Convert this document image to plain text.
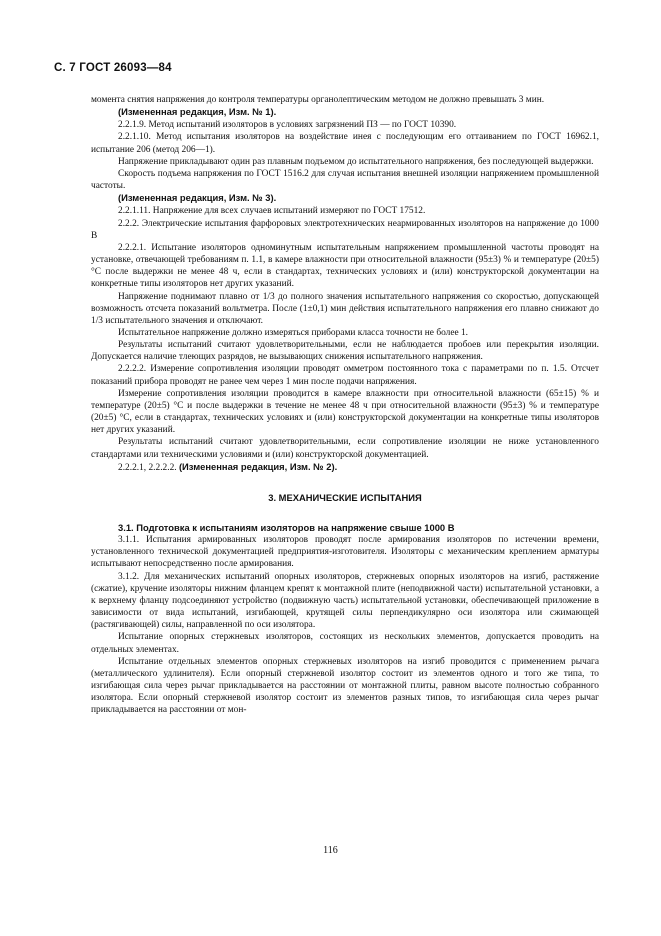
С. 7 ГОСТ 26093—84

момента снятия напряжения до контроля температуры органолептическим методом не должно превышать 3 мин.

(Измененная редакция, Изм. № 1).

2.2.1.9. Метод испытаний изоляторов в условиях загрязнений ПЗ — по ГОСТ 10390.

2.2.1.10. Метод испытания изоляторов на воздействие инея с последующим его оттаиванием по ГОСТ 16962.1, испытание 206 (метод 206—1).

Напряжение прикладывают один раз плавным подъемом до испытательного напряжения, без последующей выдержки.

Скорость подъема напряжения по ГОСТ 1516.2 для случая испытания внешней изоляции напряжением промышленной частоты.

(Измененная редакция, Изм. № 3).

2.2.1.11. Напряжение для всех случаев испытаний измеряют по ГОСТ 17512.

2.2.2. Электрические испытания фарфоровых электротехнических неармированных изоляторов на напряжение до 1000 В

2.2.2.1. Испытание изоляторов одноминутным испытательным напряжением промышленной частоты проводят на установке, отвечающей требованиям п. 1.1, в камере влажности при относительной влажности (95±3) % и температуре (20±5) °С после выдержки не менее 48 ч, если в стандартах, технических условиях и (или) конструкторской документации на конкретные типы изоляторов нет других указаний.

Напряжение поднимают плавно от 1/3 до полного значения испытательного напряжения со скоростью, допускающей возможность отсчета показаний вольтметра. После (1±0,1) мин действия испытательного напряжения его плавно снижают до 1/3 испытательного значения и отключают.

Испытательное напряжение должно измеряться приборами класса точности не более 1.

Результаты испытаний считают удовлетворительными, если не наблюдается пробоев или перекрытия изоляции. Допускается наличие тлеющих разрядов, не вызывающих снижения испытательного напряжения.

2.2.2.2. Измерение сопротивления изоляции проводят омметром постоянного тока с параметрами по п. 1.5. Отсчет показаний прибора проводят не ранее чем через 1 мин после подачи напряжения.

Измерение сопротивления изоляции проводится в камере влажности при относительной влажности (65±15) % и температуре (20±5) °С и после выдержки в течение не менее 48 ч при относительной влажности (95±3) % и температуре (20±5) °С, если в стандартах, технических условиях и (или) конструкторской документации на конкретные типы изоляторов нет других указаний.

Результаты испытаний считают удовлетворительными, если сопротивление изоляции не ниже установленного стандартами или техническими условиями и (или) конструкторской документацией.

2.2.2.1, 2.2.2.2. (Измененная редакция, Изм. № 2).

3. МЕХАНИЧЕСКИЕ ИСПЫТАНИЯ

3.1. Подготовка к испытаниям изоляторов на напряжение свыше 1000 В

3.1.1. Испытания армированных изоляторов проводят после армирования изоляторов по истечении времени, установленного технической документацией предприятия-изготовителя. Изоляторы с механическим креплением арматуры испытывают непосредственно после армирования.

3.1.2. Для механических испытаний опорных изоляторов, стержневых опорных изоляторов на изгиб, растяжение (сжатие), кручение изоляторы нижним фланцем крепят к монтажной плите (неподвижной части) испытательной установки, а к верхнему фланцу подсоединяют устройство (подвижную часть) испытательной установки, обеспечивающей приложение в зависимости от вида испытаний, изгибающей, крутящей силы перпендикулярно оси изолятора или сжимающей (растягивающей) силы, направленной по оси изолятора.

Испытание опорных стержневых изоляторов, состоящих из нескольких элементов, допускается проводить на отдельных элементах.

Испытание отдельных элементов опорных стержневых изоляторов на изгиб проводится с применением рычага (металлического удлинителя). Если опорный стержневой изолятор состоит из элементов одного и того же типа, то изгибающая сила через рычаг прикладывается на расстоянии от монтажной плиты, равном высоте полностью собранного изолятора. Если опорный стержневой изолятор состоит из элементов разных типов, то изгибающая сила через рычаг прикладывается на расстоянии от мон-

116
